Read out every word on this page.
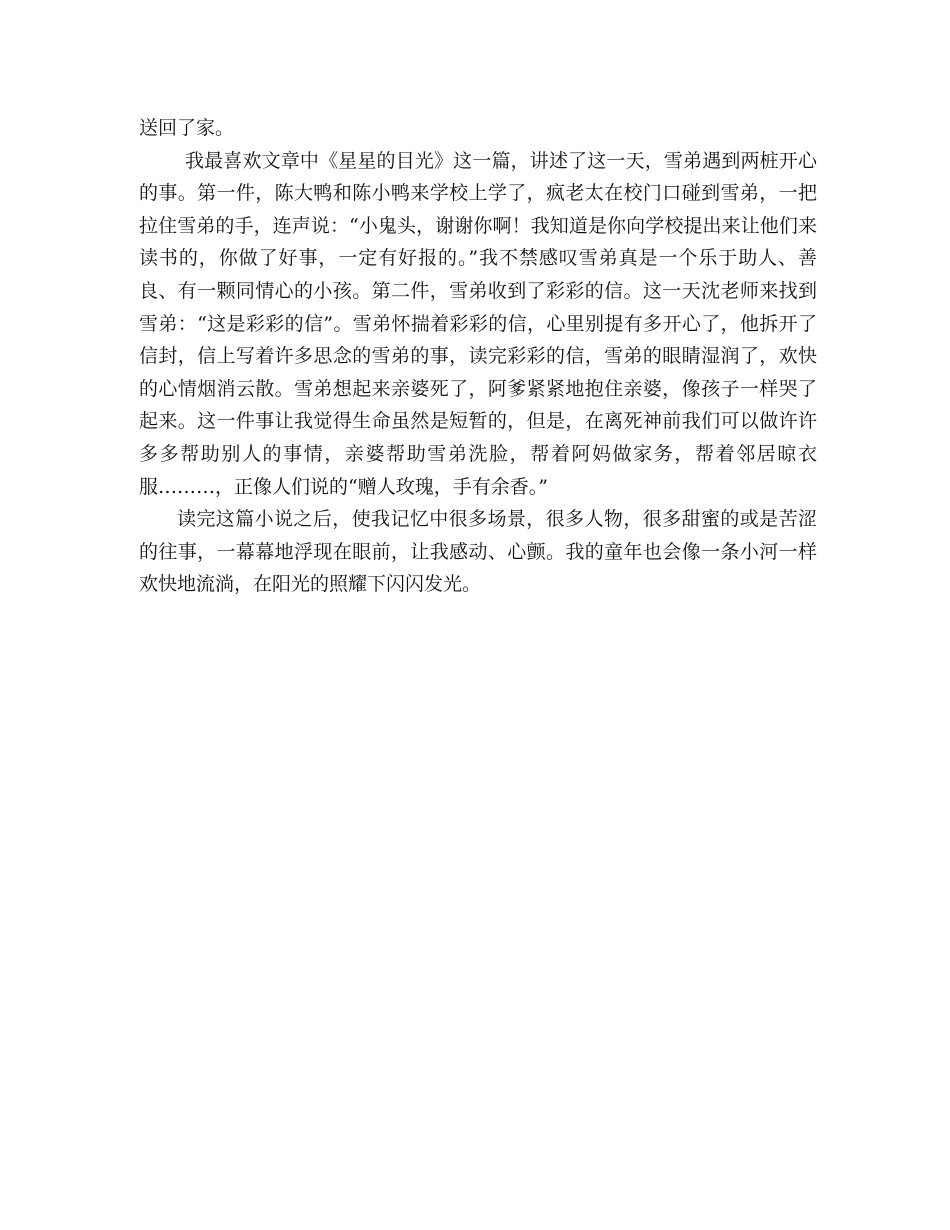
送回了家。

我最喜欢文章中《星星的目光》这一篇，讲述了这一天，雪弟遇到两桩开心的事。第一件，陈大鸭和陈小鸭来学校上学了，疯老太在校门口碰到雪弟，一把拉住雪弟的手，连声说：“小鬼头，谢谢你啊！我知道是你向学校提出来让他们来读书的，你做了好事，一定有好报的。”我不禁感叹雪弟真是一个乐于助人、善良、有一颗同情心的小孩。第二件，雪弟收到了彩彩的信。这一天沈老师来找到雪弟：“这是彩彩的信”。雪弟怀揣着彩彩的信，心里别提有多开心了，他拆开了信封，信上写着许多思念的雪弟的事，读完彩彩的信，雪弟的眼睛湿润了，欢快的心情烟消云散。雪弟想起来亲婆死了，阿爹紧紧地抱住亲婆，像孩子一样哭了起来。这一件事让我觉得生命虽然是短暂的，但是，在离死神前我们可以做许许多多帮助别人的事情，亲婆帮助雪弟洗脸，帮着阿妈做家务，帮着邻居晾衣服………，正像人们说的“赠人玫瑰，手有余香。”

读完这篇小说之后，使我记忆中很多场景，很多人物，很多甜蜜的或是苦涩的往事，一幕幕地浮现在眼前，让我感动、心颤。我的童年也会像一条小河一样欢快地流淌，在阳光的照耀下闪闪发光。
